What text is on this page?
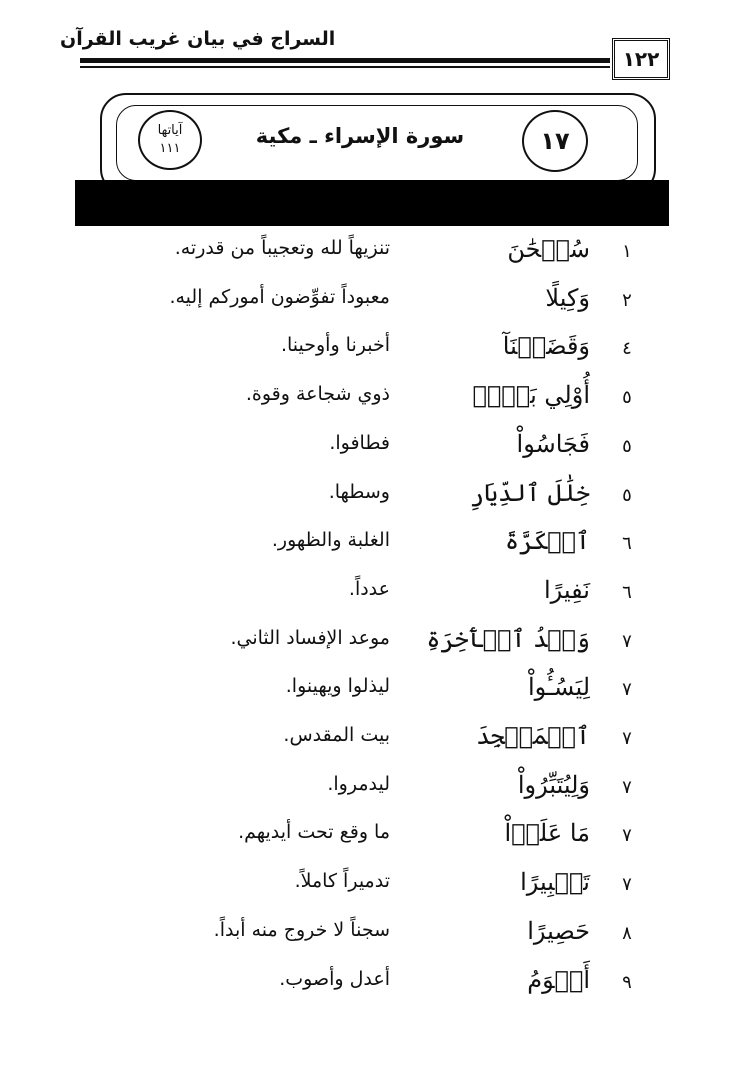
السراج في بيان غريب القرآن
١٢٢
١٧
سورة الإسراء ـ مكية
آياتها
١١١
١
سُبۡحَٰنَ
تنزيهاً لله وتعجيباً من قدرته.
٢
وَكِيلًا
معبوداً تفوِّضون أموركم إليه.
٤
وَقَضَيۡنَآ
أخبرنا وأوحينا.
٥
أُوْلِي بَأۡسٖ
ذوي شجاعة وقوة.
٥
فَجَاسُواْ
فطافوا.
٥
خِلَٰلَ ٱلدِّيَارِ
وسطها.
٦
ٱلۡكَرَّةَ
الغلبة والظهور.
٦
نَفِيرًا
عدداً.
٧
وَعۡدُ ٱلۡأٓخِرَةِ
موعد الإفساد الثاني.
٧
لِيَسُـُٔواْ
ليذلوا ويهينوا.
٧
ٱلۡمَسۡجِدَ
بيت المقدس.
٧
وَلِيُتَبِّرُواْ
ليدمروا.
٧
مَا عَلَوۡاْ
ما وقع تحت أيديهم.
٧
تَتۡبِيرًا
تدميراً كاملاً.
٨
حَصِيرًا
سجناً لا خروج منه أبداً.
٩
أَقۡوَمُ
أعدل وأصوب.
